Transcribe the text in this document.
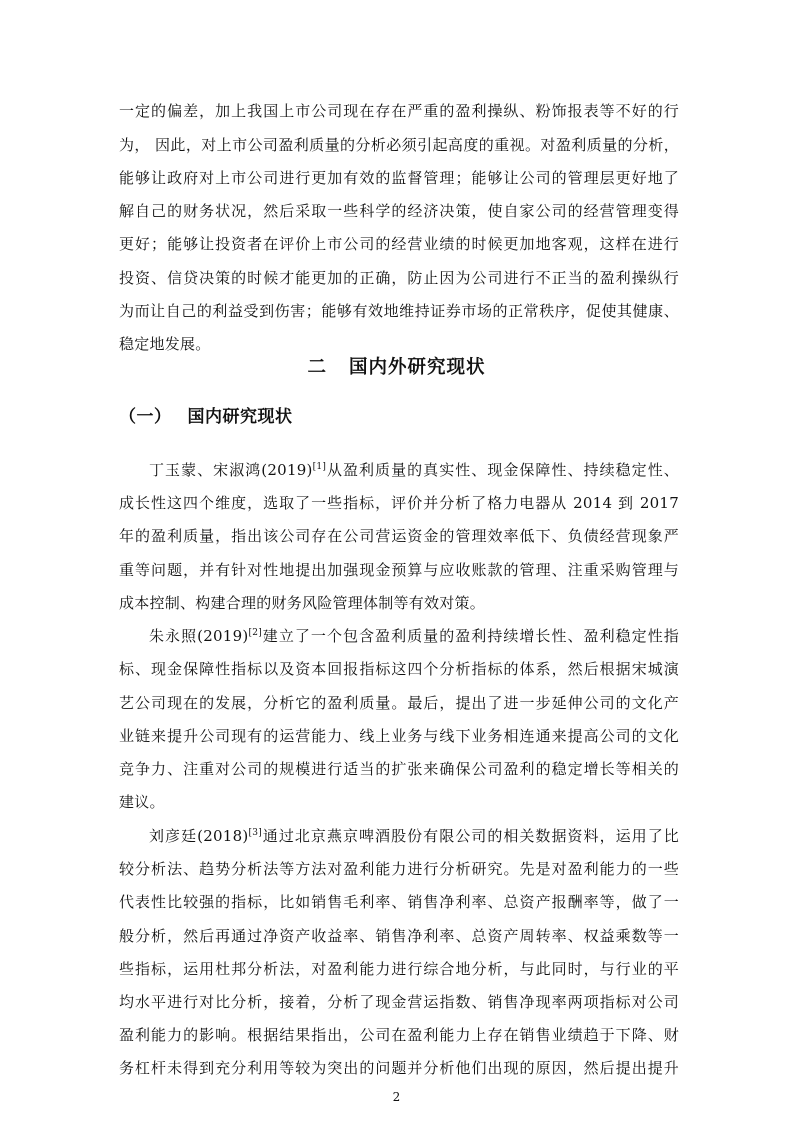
一定的偏差，加上我国上市公司现在存在严重的盈利操纵、粉饰报表等不好的行
为， 因此，对上市公司盈利质量的分析必须引起高度的重视。对盈利质量的分析，
能够让政府对上市公司进行更加有效的监督管理；能够让公司的管理层更好地了
解自己的财务状况，然后采取一些科学的经济决策，使自家公司的经营管理变得
更好；能够让投资者在评价上市公司的经营业绩的时候更加地客观，这样在进行
投资、信贷决策的时候才能更加的正确，防止因为公司进行不正当的盈利操纵行
为而让自己的利益受到伤害；能够有效地维持证券市场的正常秩序，促使其健康、
稳定地发展。
二 国内外研究现状
（一） 国内研究现状
丁玉蒙、宋淑鸿(2019)[1]从盈利质量的真实性、现金保障性、持续稳定性、
成长性这四个维度，选取了一些指标，评价并分析了格力电器从 2014 到 2017
年的盈利质量，指出该公司存在公司营运资金的管理效率低下、负债经营现象严
重等问题，并有针对性地提出加强现金预算与应收账款的管理、注重采购管理与
成本控制、构建合理的财务风险管理体制等有效对策。
朱永照(2019)[2]建立了一个包含盈利质量的盈利持续增长性、盈利稳定性指
标、现金保障性指标以及资本回报指标这四个分析指标的体系，然后根据宋城演
艺公司现在的发展，分析它的盈利质量。最后，提出了进一步延伸公司的文化产
业链来提升公司现有的运营能力、线上业务与线下业务相连通来提高公司的文化
竞争力、注重对公司的规模进行适当的扩张来确保公司盈利的稳定增长等相关的
建议。
刘彦廷(2018)[3]通过北京燕京啤酒股份有限公司的相关数据资料，运用了比
较分析法、趋势分析法等方法对盈利能力进行分析研究。先是对盈利能力的一些
代表性比较强的指标，比如销售毛利率、销售净利率、总资产报酬率等，做了一
般分析，然后再通过净资产收益率、销售净利率、总资产周转率、权益乘数等一
些指标，运用杜邦分析法，对盈利能力进行综合地分析，与此同时，与行业的平
均水平进行对比分析，接着，分析了现金营运指数、销售净现率两项指标对公司
盈利能力的影响。根据结果指出，公司在盈利能力上存在销售业绩趋于下降、财
务杠杆未得到充分利用等较为突出的问题并分析他们出现的原因，然后提出提升
2
